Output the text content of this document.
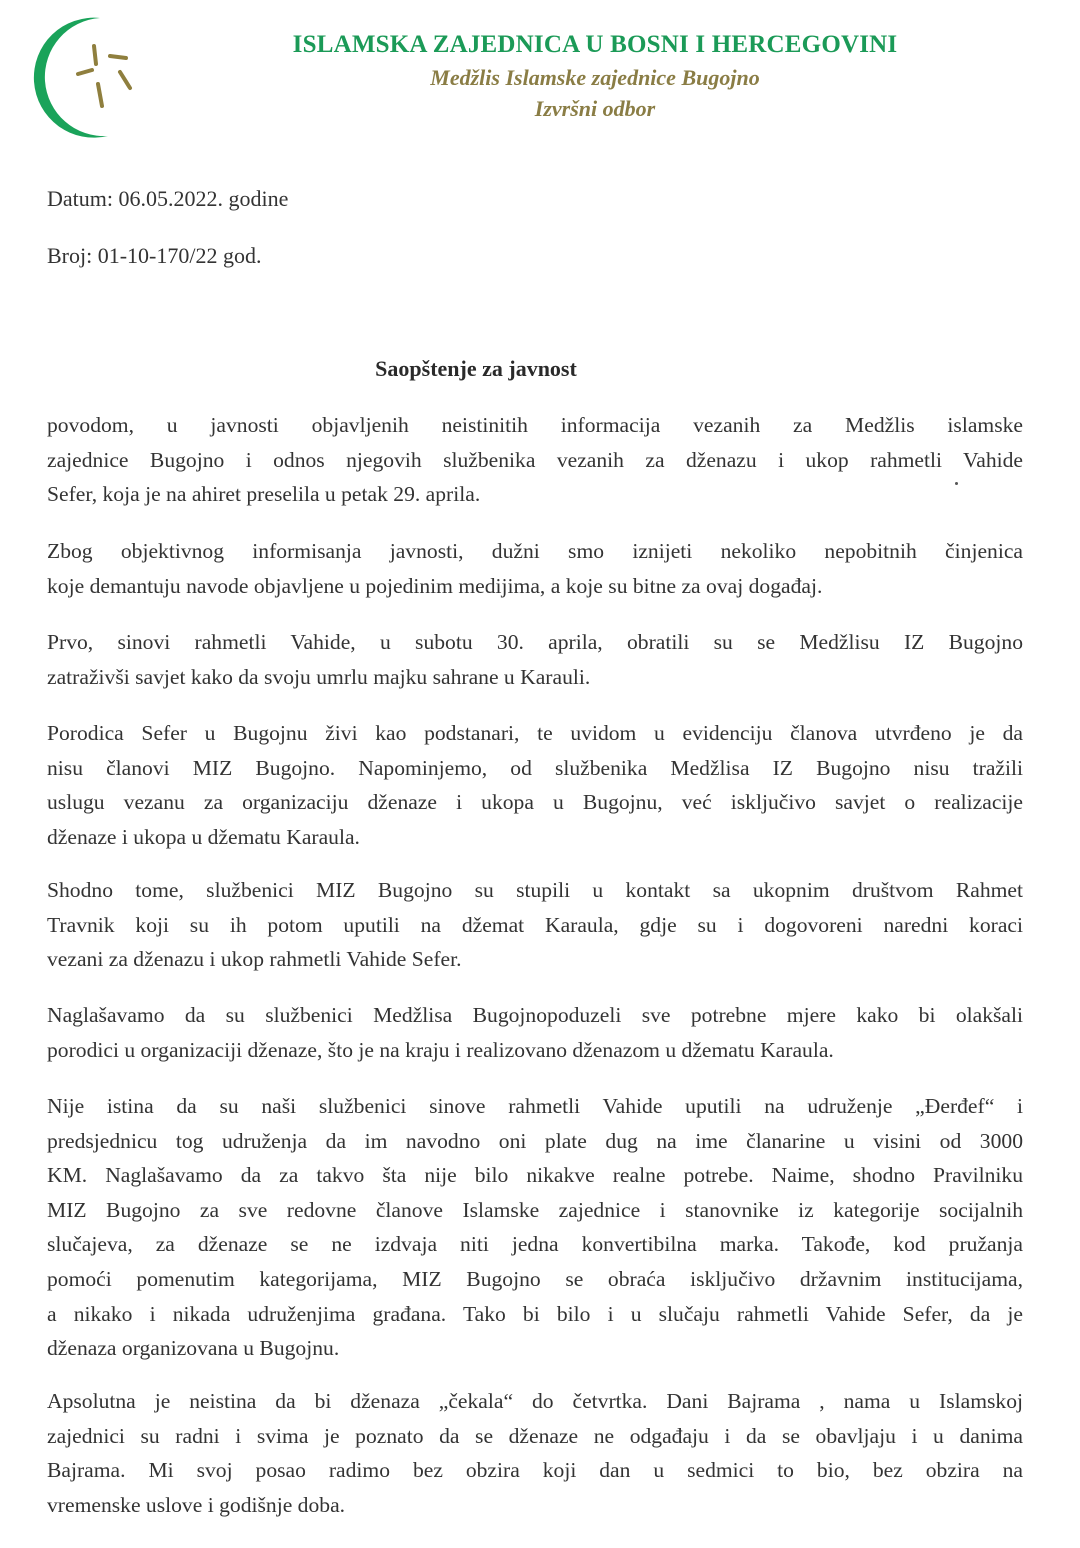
ISLAMSKA ZAJEDNICA U BOSNI I HERCEGOVINI
Medžlis Islamske zajednice Bugojno
Izvršni odbor
Datum: 06.05.2022. godine
Broj: 01-10-170/22 god.
Saopštenje za javnost
povodom, u javnosti objavljenih neistinitih informacija vezanih za Medžlis islamske
zajednice Bugojno i odnos njegovih službenika vezanih za dženazu i ukop rahmetli Vahide
Sefer, koja je na ahiret preselila u petak 29. aprila.
Zbog objektivnog informisanja javnosti, dužni smo iznijeti nekoliko nepobitnih činjenica
koje demantuju navode objavljene u pojedinim medijima, a koje su bitne za ovaj događaj.
Prvo, sinovi rahmetli Vahide, u subotu 30. aprila, obratili su se Medžlisu IZ Bugojno
zatraživši savjet kako da svoju umrlu majku sahrane u Karauli.
Porodica Sefer u Bugojnu živi kao podstanari, te uvidom u evidenciju članova utvrđeno je da
nisu članovi MIZ Bugojno. Napominjemo, od službenika Medžlisa IZ Bugojno nisu tražili
uslugu vezanu za organizaciju dženaze i ukopa u Bugojnu, već isključivo savjet o realizacije
dženaze i ukopa u džematu Karaula.
Shodno tome, službenici MIZ Bugojno su stupili u kontakt sa ukopnim društvom Rahmet
Travnik koji su ih potom uputili na džemat Karaula, gdje su i dogovoreni naredni koraci
vezani za dženazu i ukop rahmetli Vahide Sefer.
Naglašavamo da su službenici Medžlisa Bugojnopoduzeli sve potrebne mjere kako bi olakšali
porodici u organizaciji dženaze, što je na kraju i realizovano dženazom u džematu Karaula.
Nije istina da su naši službenici sinove rahmetli Vahide uputili na udruženje „Đerđef“ i
predsjednicu tog udruženja da im navodno oni plate dug na ime članarine u visini od 3000
KM. Naglašavamo da za takvo šta nije bilo nikakve realne potrebe. Naime, shodno Pravilniku
MIZ Bugojno za sve redovne članove Islamske zajednice i stanovnike iz kategorije socijalnih
slučajeva, za dženaze se ne izdvaja niti jedna konvertibilna marka. Takođe, kod pružanja
pomoći pomenutim kategorijama, MIZ Bugojno se obraća isključivo državnim institucijama,
a nikako i nikada udruženjima građana. Tako bi bilo i u slučaju rahmetli Vahide Sefer, da je
dženaza organizovana u Bugojnu.
Apsolutna je neistina da bi dženaza „čekala“ do četvrtka. Dani Bajrama , nama u Islamskoj
zajednici su radni i svima je poznato da se dženaze ne odgađaju i da se obavljaju i u danima
Bajrama. Mi svoj posao radimo bez obzira koji dan u sedmici to bio, bez obzira na
vremenske uslove i godišnje doba.
